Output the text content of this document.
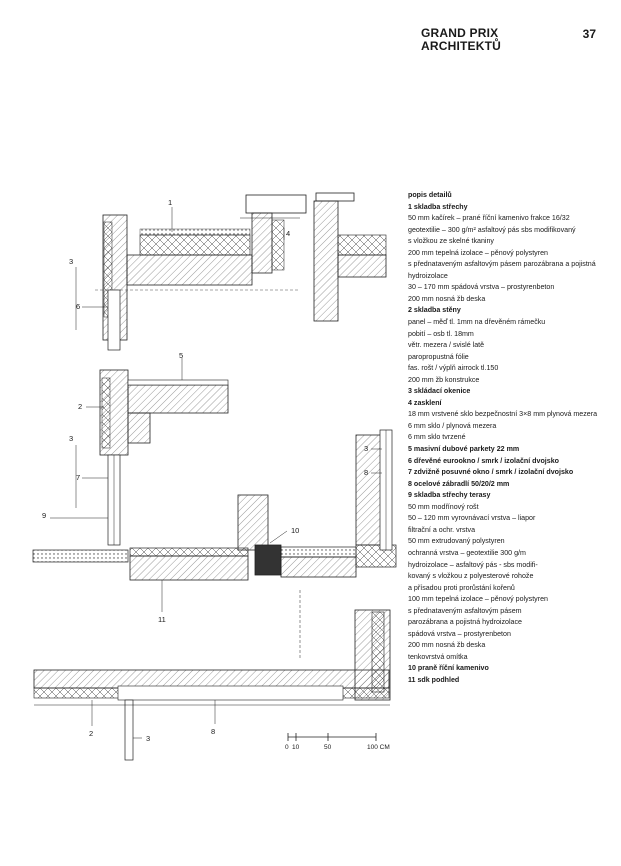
GRAND PRIX
ARCHITEKTŮ
37
popis detailů
1 skladba střechy
50 mm kačírek – prané říční kamenivo frakce 16/32
geotextilie – 300 g/m² asfaltový pás sbs modifikovaný
s vložkou ze skelné tkaniny
200 mm tepelná izolace – pěnový polystyren
s přednataveným asfaltovým pásem parozábrana a pojistná
hydroizolace
30 – 170 mm spádová vrstva – prostyrenbeton
200 mm nosná žb deska
2 skladba stěny
panel – měď tl. 1mm na dřevěném rámečku
pobití – osb tl. 18mm
větr. mezera / svislé latě
paropropustná fólie
fas. rošt / výplň airrock tl.150
200 mm žb konstrukce
3 skládací okenice
4 zasklení
18 mm vrstvené sklo bezpečnostní 3×8 mm plynová mezera
6 mm sklo / plynová mezera
6 mm sklo tvrzené
5 masivní dubové parkety 22 mm
6 dřevěné eurookno / smrk / izolační dvojsko
7 zdvižně posuvné okno / smrk / izolační dvojsko
8 ocelové zábradlí 50/20/2 mm
9 skladba střechy terasy
50 mm modřínový rošt
50 – 120 mm vyrovnávací vrstva – liapor
filtrační a ochr. vrstva
50 mm extrudovaný polystyren
ochranná vrstva – geotextilie 300 g/m
hydroizolace – asfaltový pás - sbs modifi-
kovaný s vložkou z polyesterové rohože
a přísadou proti prorůstání kořenů
100 mm tepelná izolace – pěnový polystyren
s přednataveným asfaltovým pásem
parozábrana a pojistná hydroizolace
spádová vrstva – prostyrenbeton
200 mm nosná žb deska
tenkovrstvá omítka
10 praně říční kamenivo
11 sdk podhled
1
4
3
6
5
2
3
7
9
10
11
3
8
2
3
8
0 10	50	100 CM
